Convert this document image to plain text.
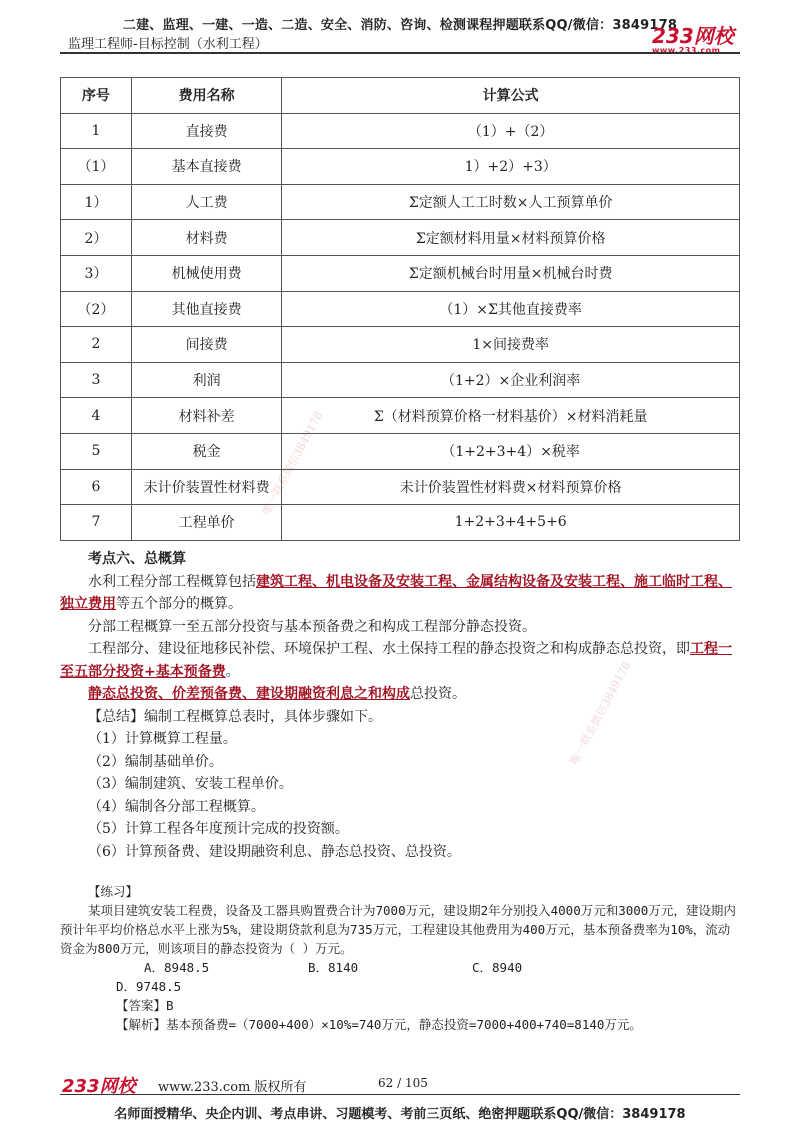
二建、监理、一建、一造、二造、安全、消防、咨询、检测课程押题联系QQ/微信：3849178
监理工程师-目标控制（水利工程）	233网校
www.233.com
序号	费用名称	计算公式
1	直接费	（1）+（2）
（1）	基本直接费	1）+2）+3）
1）	人工费	Σ定额人工工时数×人工预算单价
2）	材料费	Σ定额材料用量×材料预算价格
3）	机械使用费	Σ定额机械台时用量×机械台时费
（2）	其他直接费	（1）×Σ其他直接费率
2	间接费	1×间接费率
3	利润	（1+2）×企业利润率
4	材料补差	Σ（材料预算价格一材料基价）×材料消耗量
5	税金	（1+2+3+4）×税率
6	未计价装置性材料费	未计价装置性材料费×材料预算价格
7	工程单价	1+2+3+4+5+6

考点六、总概算

水利工程分部工程概算包括建筑工程、机电设备及安装工程、金属结构设备及安装工程、施工临时工程、独立费用等五个部分的概算。

分部工程概算一至五部分投资与基本预备费之和构成工程部分静态投资。

工程部分、建设征地移民补偿、环境保护工程、水土保持工程的静态投资之和构成静态总投资，即工程一至五部分投资+基本预备费。

静态总投资、价差预备费、建设期融资利息之和构成总投资。

【总结】编制工程概算总表时，具体步骤如下。

（1）计算概算工程量。

（2）编制基础单价。

（3）编制建筑、安装工程单价。

（4）编制各分部工程概算。

（5）计算工程各年度预计完成的投资额。

（6）计算预备费、建设期融资利息、静态总投资、总投资。

【练习】

某项目建筑安装工程费，设备及工器具购置费合计为7000万元，建设期2年分别投入4000万元和3000万元，建设期内预计年平均价格总水平上涨为5%，建设期贷款利息为735万元，工程建设其他费用为400万元，基本预备费率为10%，流动资金为800万元，则该项目的静态投资为（ ）万元。

A．8948.5	B．8140	C．8940D．9748.5

【答案】B

【解析】基本预备费=（7000+400）×10%=740万元，静态投资=7000+400+740=8140万元。

唯一联系微信3849178
唯一联系微信3849178
233网校 www.233.com 版权所有	62 / 105
名师面授精华、央企内训、考点串讲、习题模考、考前三页纸、绝密押题联系QQ/微信：3849178
